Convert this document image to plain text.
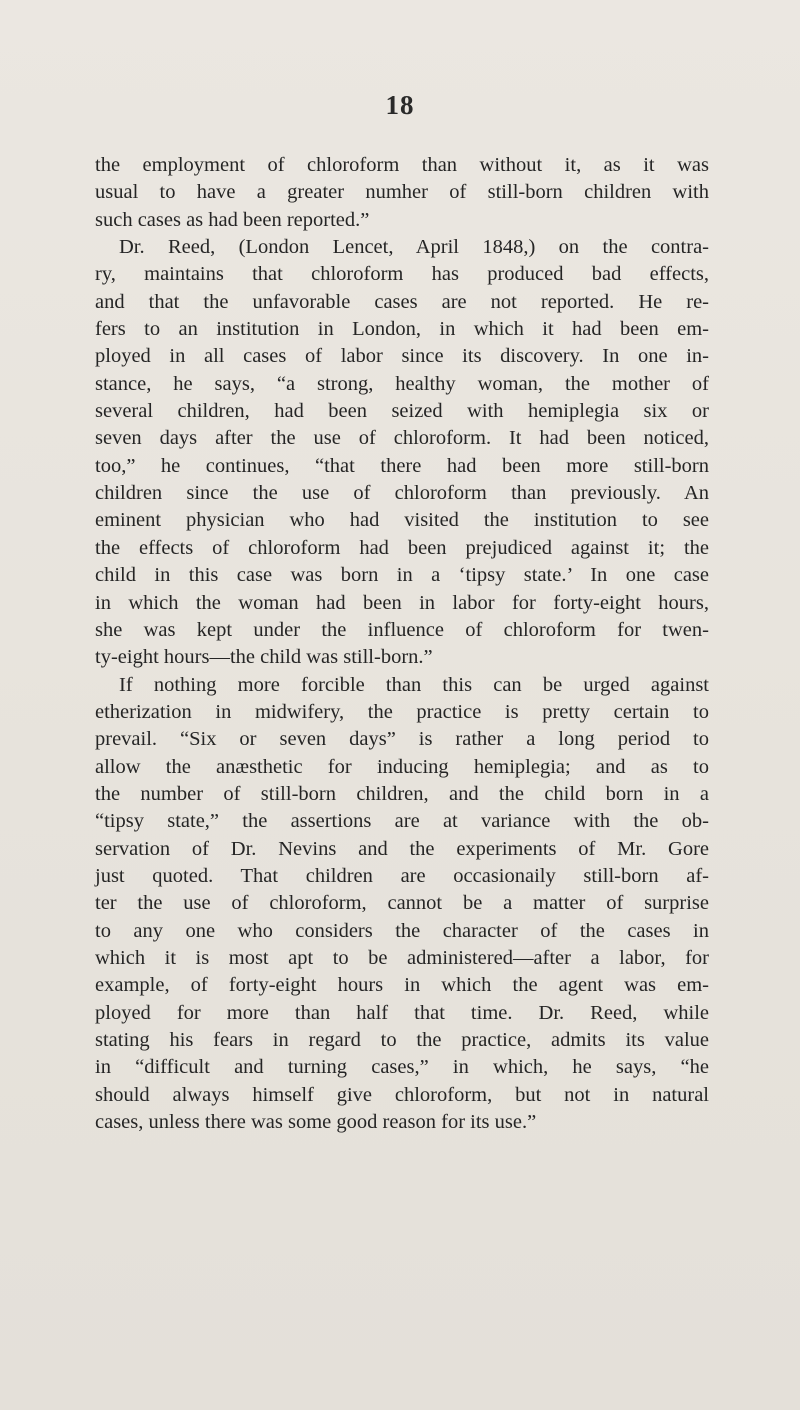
18
the employment of chloroform than without it, as it was
usual to have a greater numher of still-born children with
such cases as had been reported.”
Dr. Reed, (London Lencet, April 1848,) on the contra-
ry, maintains that chloroform has produced bad effects,
and that the unfavorable cases are not reported. He re-
fers to an institution in London, in which it had been em-
ployed in all cases of labor since its discovery. In one in-
stance, he says, “a strong, healthy woman, the mother of
several children, had been seized with hemiplegia six or
seven days after the use of chloroform. It had been noticed,
too,” he continues, “that there had been more still-born
children since the use of chloroform than previously. An
eminent physician who had visited the institution to see
the effects of chloroform had been prejudiced against it; the
child in this case was born in a ‘tipsy state.’ In one case
in which the woman had been in labor for forty-eight hours,
she was kept under the influence of chloroform for twen-
ty-eight hours—the child was still-born.”
If nothing more forcible than this can be urged against
etherization in midwifery, the practice is pretty certain to
prevail. “Six or seven days” is rather a long period to
allow the anæsthetic for inducing hemiplegia; and as to
the number of still-born children, and the child born in a
“tipsy state,” the assertions are at variance with the ob-
servation of Dr. Nevins and the experiments of Mr. Gore
just quoted. That children are occasionaily still-born af-
ter the use of chloroform, cannot be a matter of surprise
to any one who considers the character of the cases in
which it is most apt to be administered—after a labor, for
example, of forty-eight hours in which the agent was em-
ployed for more than half that time. Dr. Reed, while
stating his fears in regard to the practice, admits its value
in “difficult and turning cases,” in which, he says, “he
should always himself give chloroform, but not in natural
cases, unless there was some good reason for its use.”
